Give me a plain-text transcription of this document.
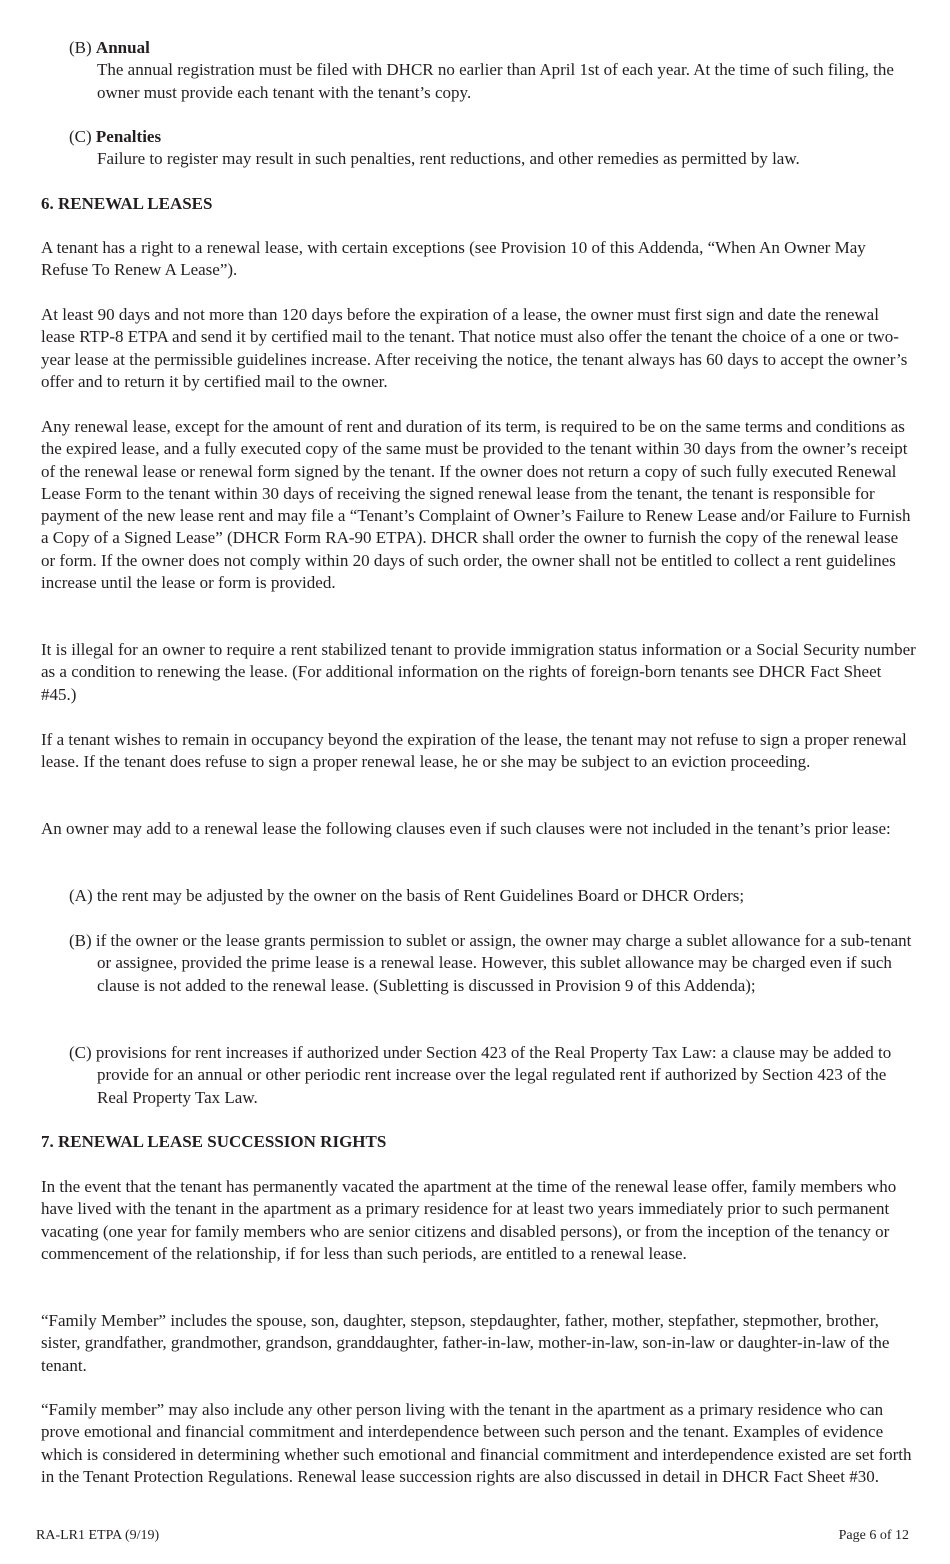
(B) Annual
The annual registration must be filed with DHCR no earlier than April 1st of each year. At the time of such filing, the owner must provide each tenant with the tenant’s copy.
(C) Penalties
Failure to register may result in such penalties, rent reductions, and other remedies as permitted by law.
6. RENEWAL LEASES

A tenant has a right to a renewal lease, with certain exceptions (see Provision 10 of this Addenda, “When An Owner May Refuse To Renew A Lease”).

At least 90 days and not more than 120 days before the expiration of a lease, the owner must first sign and date the renewal lease RTP-8 ETPA and send it by certified mail to the tenant. That notice must also offer the tenant the choice of a one or two-year lease at the permissible guidelines increase. After receiving the notice, the tenant always has 60 days to accept the owner’s offer and to return it by certified mail to the owner.

Any renewal lease, except for the amount of rent and duration of its term, is required to be on the same terms and conditions as the expired lease, and a fully executed copy of the same must be provided to the tenant within 30 days from the owner’s receipt of the renewal lease or renewal form signed by the tenant. If the owner does not return a copy of such fully executed Renewal Lease Form to the tenant within 30 days of receiving the signed renewal lease from the tenant, the tenant is responsible for payment of the new lease rent and may file a “Tenant’s Complaint of Owner’s Failure to Renew Lease and/or Failure to Furnish a Copy of a Signed Lease” (DHCR Form RA-90 ETPA). DHCR shall order the owner to furnish the copy of the renewal lease or form. If the owner does not comply within 20 days of such order, the owner shall not be entitled to collect a rent guidelines increase until the lease or form is provided.

It is illegal for an owner to require a rent stabilized tenant to provide immigration status information or a Social Security number as a condition to renewing the lease. (For additional information on the rights of foreign-born tenants see DHCR Fact Sheet #45.)

If a tenant wishes to remain in occupancy beyond the expiration of the lease, the tenant may not refuse to sign a proper renewal lease. If the tenant does refuse to sign a proper renewal lease, he or she may be subject to an eviction proceeding.

An owner may add to a renewal lease the following clauses even if such clauses were not included in the tenant’s prior lease:

(A) the rent may be adjusted by the owner on the basis of Rent Guidelines Board or DHCR Orders;
(B) if the owner or the lease grants permission to sublet or assign, the owner may charge a sublet allowance for a sub-tenant or assignee, provided the prime lease is a renewal lease. However, this sublet allowance may be charged even if such clause is not added to the renewal lease. (Subletting is discussed in Provision 9 of this Addenda);
(C) provisions for rent increases if authorized under Section 423 of the Real Property Tax Law: a clause may be added to provide for an annual or other periodic rent increase over the legal regulated rent if authorized by Section 423 of the Real Property Tax Law.
7. RENEWAL LEASE SUCCESSION RIGHTS

In the event that the tenant has permanently vacated the apartment at the time of the renewal lease offer, family members who have lived with the tenant in the apartment as a primary residence for at least two years immediately prior to such permanent vacating (one year for family members who are senior citizens and disabled persons), or from the inception of the tenancy or commencement of the relationship, if for less than such periods, are entitled to a renewal lease.

“Family Member” includes the spouse, son, daughter, stepson, stepdaughter, father, mother, stepfather, stepmother, brother, sister, grandfather, grandmother, grandson, granddaughter, father-in-law, mother-in-law, son-in-law or daughter-in-law of the tenant.

“Family member” may also include any other person living with the tenant in the apartment as a primary residence who can prove emotional and financial commitment and interdependence between such person and the tenant. Examples of evidence which is considered in determining whether such emotional and financial commitment and interdependence existed are set forth in the Tenant Protection Regulations. Renewal lease succession rights are also discussed in detail in DHCR Fact Sheet #30.

RA-LR1 ETPA (9/19)	Page 6 of 12
